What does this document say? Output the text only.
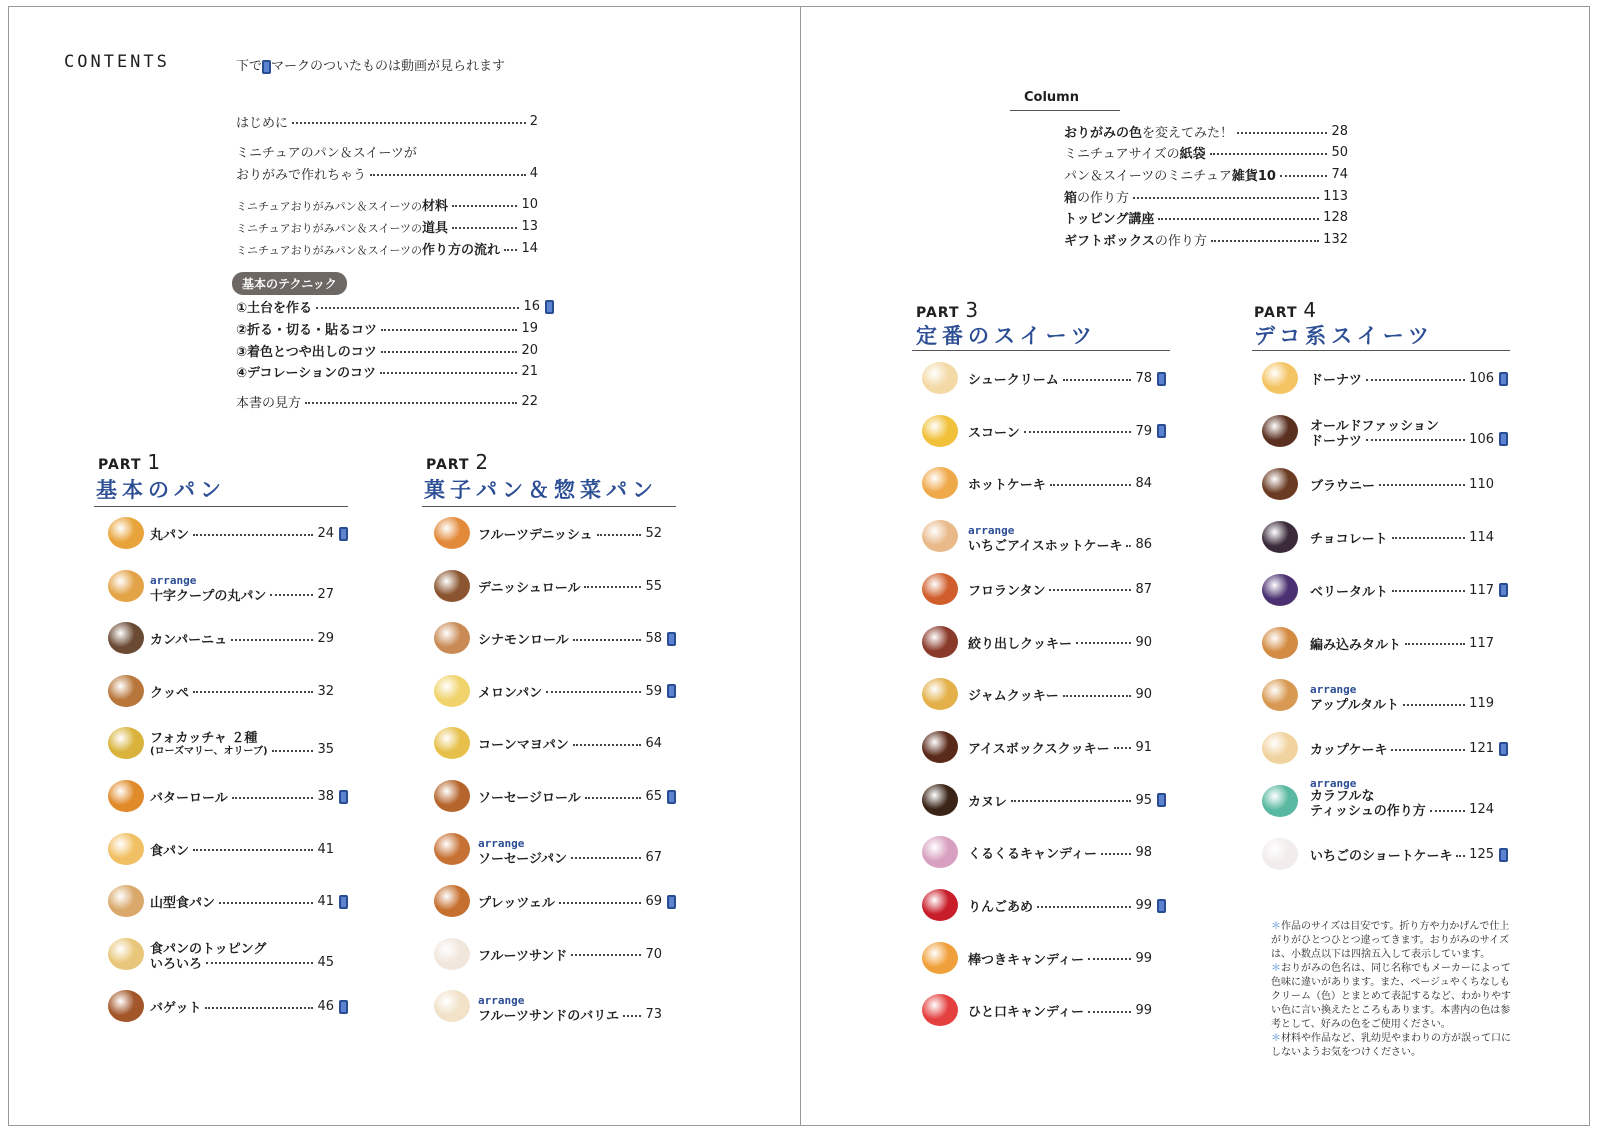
CONTENTS	下で マークのついたものは動画が見られます
はじめに	2
ミニチュアのパン＆スイーツが
おりがみで作れちゃう	4
ミニチュアおりがみパン＆スイーツの材料	10
ミニチュアおりがみパン＆スイーツの道具	13
ミニチュアおりがみパン＆スイーツの作り方の流れ 14
基本のテクニック
①土台を作る	16
②折る・切る・貼るコツ	19
③着色とつや出しのコツ	20
④デコレーションのコツ	21
本書の見方	22
Column
おりがみの色を変えてみた！	28
ミニチュアサイズの紙袋	50
パン＆スイーツのミニチュア雑貨10	74
箱の作り方	113
トッピング講座	128
ギフトボックスの作り方	132
PART 1
基本のパン
PART 2
菓子パン＆惣菜パン
PART 3
定番のスイーツ
PART 4
デコ系スイーツ
丸パン	24
arrange
十字クープの丸パン	27
カンパーニュ	29
クッペ	32
フォカッチャ ２種
(ローズマリー、オリーブ)	35
バターロール	38
食パン	41
山型食パン	41
食パンのトッピング
いろいろ	45
バゲット	46
フルーツデニッシュ	52
デニッシュロール	55
シナモンロール	58
メロンパン	59
コーンマヨパン	64
ソーセージロール	65
arrange
ソーセージパン	67
プレッツェル	69
フルーツサンド	70
arrange
フルーツサンドのバリエ 73
シュークリーム	78
スコーン	79
ホットケーキ	84
arrange
いちごアイスホットケーキ 86
フロランタン	87
絞り出しクッキー	90
ジャムクッキー	90
アイスボックスクッキー 91
カヌレ	95
くるくるキャンディー	98
りんごあめ	99
棒つきキャンディー	99
ひと口キャンディー	99
ドーナツ	106
オールドファッション
ドーナツ	106
ブラウニー	110
チョコレート	114
ベリータルト	117
編み込みタルト	117
arrange
アップルタルト	119
カップケーキ	121
arrange
カラフルな
ティッシュの作り方	124
いちごのショートケーキ 125
＊作品のサイズは目安です。折り方や力かげんで仕上がりがひとつひとつ違ってきます。おりがみのサイズは、小数点以下は四捨五入して表示しています。
＊おりがみの色名は、同じ名称でもメーカーによって色味に違いがあります。また、ページュやくちなしもクリーム（色）とまとめて表記するなど、わかりやすい色に言い換えたところもあります。本書内の色は参考として、好みの色をご使用ください。
＊材料や作品など、乳幼児やまわりの方が誤って口にしないようお気をつけください。
